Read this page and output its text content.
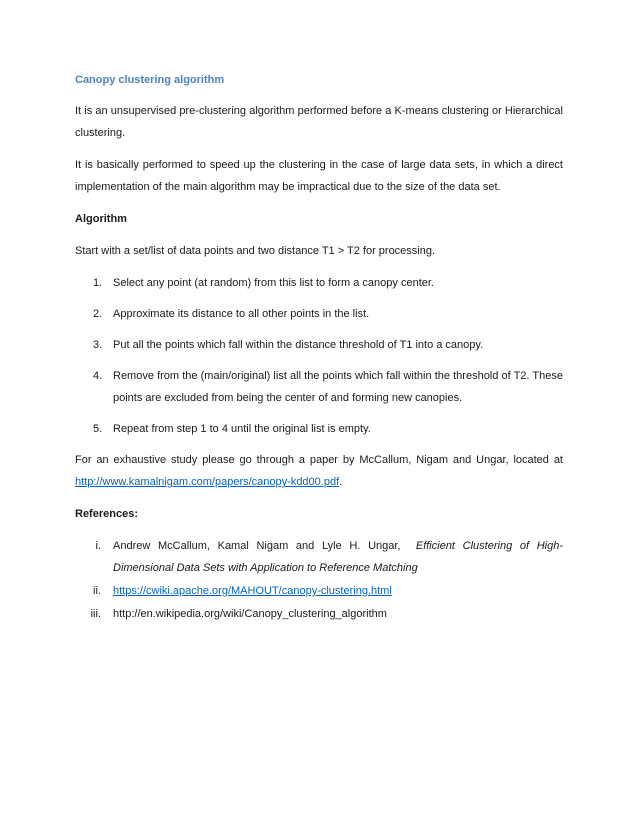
Canopy clustering algorithm

It is an unsupervised pre-clustering algorithm performed before a K-means clustering or Hierarchical clustering.

It is basically performed to speed up the clustering in the case of large data sets, in which a direct implementation of the main algorithm may be impractical due to the size of the data set.

Algorithm

Start with a set/list of data points and two distance T1 > T2 for processing.

1. Select any point (at random) from this list to form a canopy center.
2. Approximate its distance to all other points in the list.
3. Put all the points which fall within the distance threshold of T1 into a canopy.
4. Remove from the (main/original) list all the points which fall within the threshold of T2. These points are excluded from being the center of and forming new canopies.
5. Repeat from step 1 to 4 until the original list is empty.

For an exhaustive study please go through a paper by McCallum, Nigam and Ungar, located at http://www.kamalnigam.com/papers/canopy-kdd00.pdf.

References:

i. Andrew McCallum, Kamal Nigam and Lyle H. Ungar, Efficient Clustering of High-Dimensional Data Sets with Application to Reference Matching
ii. https://cwiki.apache.org/MAHOUT/canopy-clustering.html
iii. http://en.wikipedia.org/wiki/Canopy_clustering_algorithm
